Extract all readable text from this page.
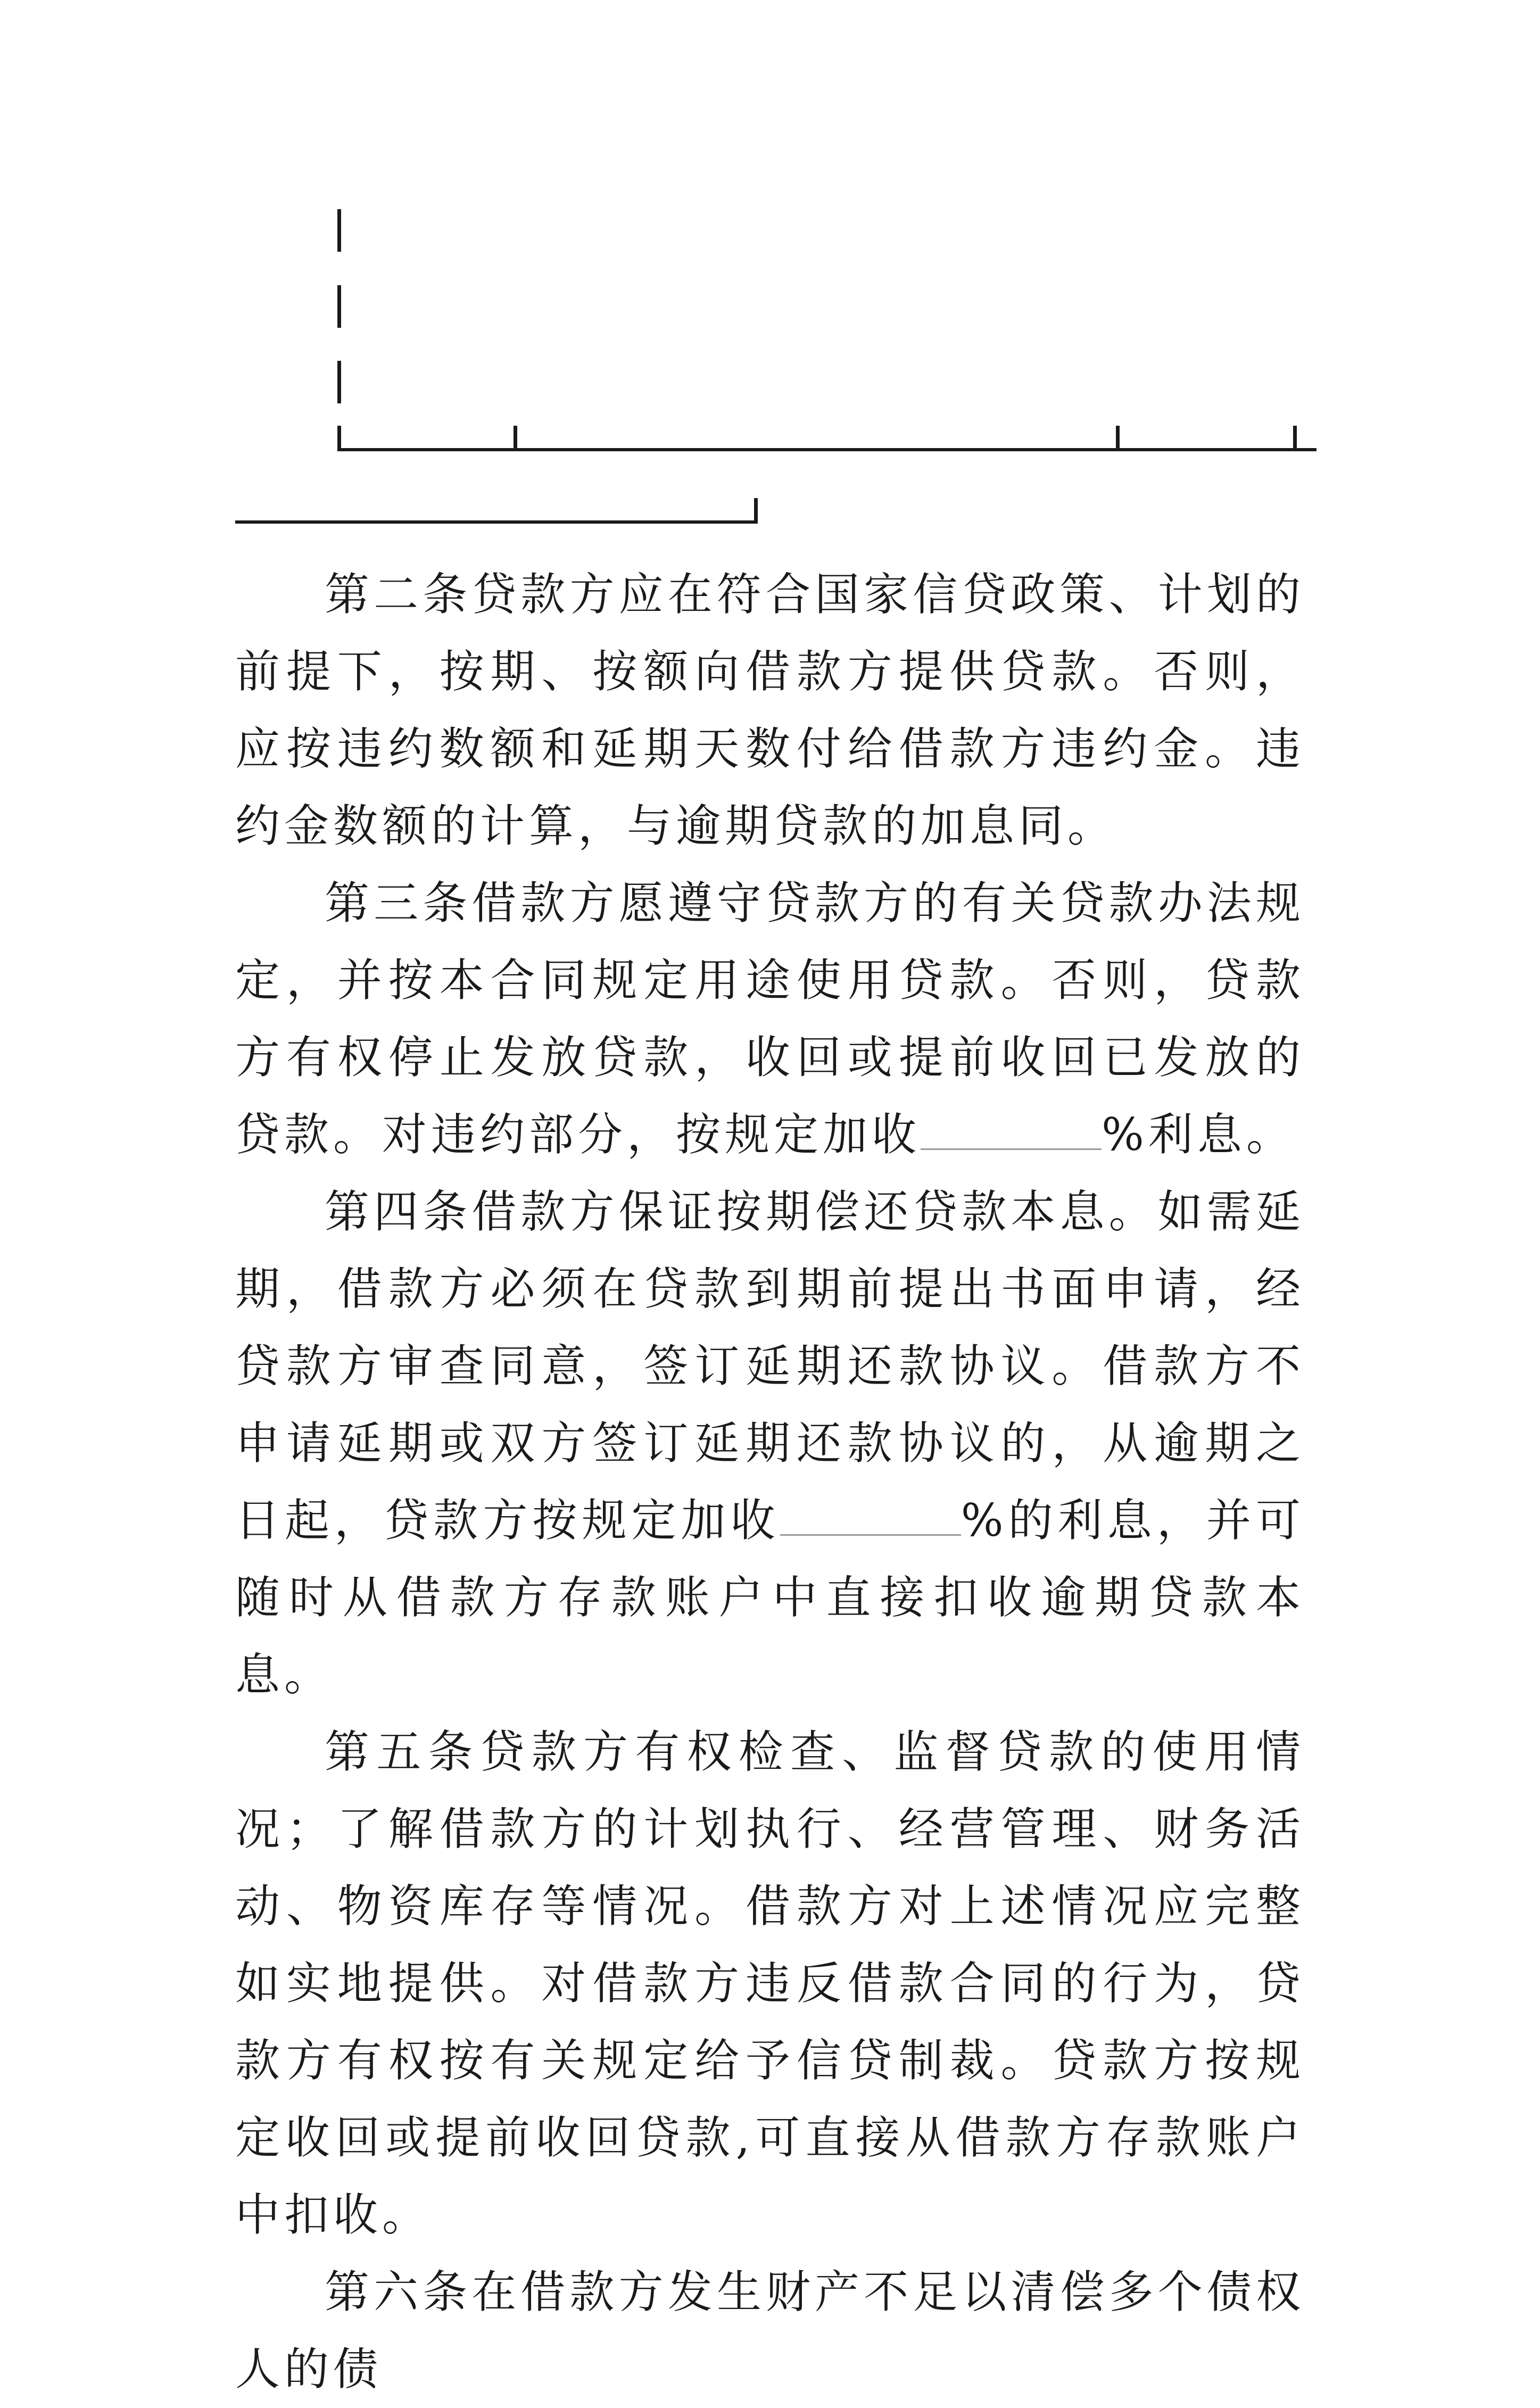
第二条贷款方应在符合国家信贷政策、计划的前提下，按期、按额向借款方提供贷款。否则，应按违约数额和延期天数付给借款方违约金。违约金数额的计算，与逾期贷款的加息同。

第三条借款方愿遵守贷款方的有关贷款办法规定，并按本合同规定用途使用贷款。否则，贷款方有权停止发放贷款，收回或提前收回已发放的贷款。对违约部分，按规定加收	%利息。

第四条借款方保证按期偿还贷款本息。如需延期，借款方必须在贷款到期前提出书面申请，经贷款方审查同意，签订延期还款协议。借款方不申请延期或双方签订延期还款协议的，从逾期之日起，贷款方按规定加收	%的利息，并可随时从借款方存款账户中直接扣收逾期贷款本息。

第五条贷款方有权检查、监督贷款的使用情况；了解借款方的计划执行、经营管理、财务活动、物资库存等情况。借款方对上述情况应完整如实地提供。对借款方违反借款合同的行为，贷款方有权按有关规定给予信贷制裁。贷款方按规定收回或提前收回贷款,可直接从借款方存款账户中扣收。

第六条在借款方发生财产不足以清偿多个债权人的债
